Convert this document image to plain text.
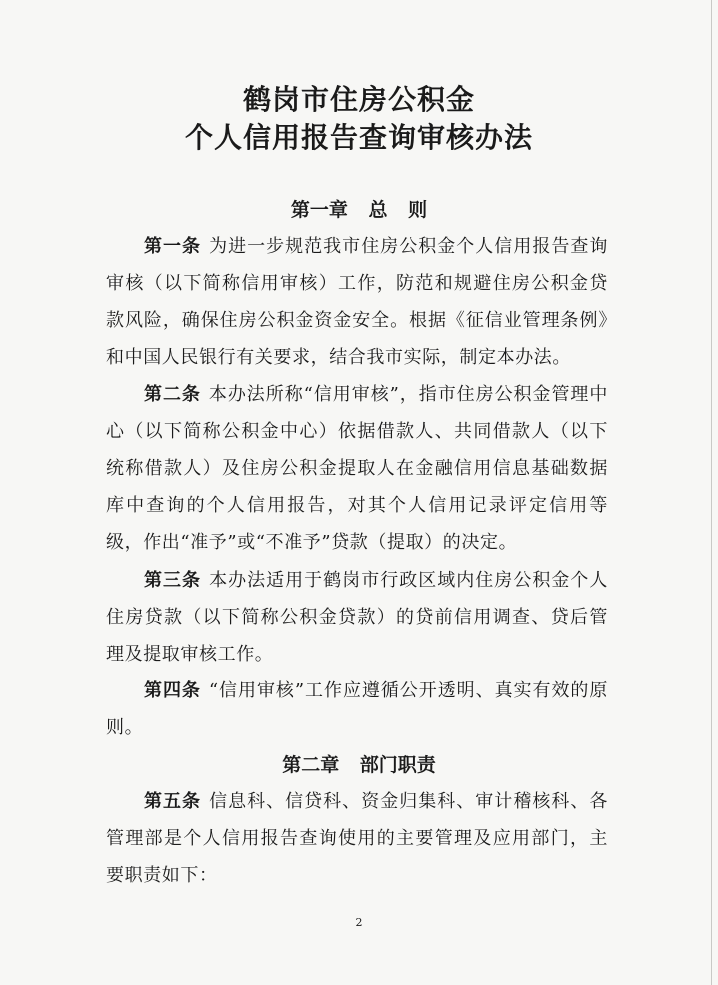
鹤岗市住房公积金
个人信用报告查询审核办法
第一章 总 则

第一条 为进一步规范我市住房公积金个人信用报告查询审核（以下简称信用审核）工作，防范和规避住房公积金贷款风险，确保住房公积金资金安全。根据《征信业管理条例》和中国人民银行有关要求，结合我市实际，制定本办法。

第二条 本办法所称“信用审核”，指市住房公积金管理中心（以下简称公积金中心）依据借款人、共同借款人（以下统称借款人）及住房公积金提取人在金融信用信息基础数据库中查询的个人信用报告，对其个人信用记录评定信用等级，作出“准予”或“不准予”贷款（提取）的决定。

第三条 本办法适用于鹤岗市行政区域内住房公积金个人住房贷款（以下简称公积金贷款）的贷前信用调查、贷后管理及提取审核工作。

第四条 “信用审核”工作应遵循公开透明、真实有效的原则。

第二章 部门职责

第五条 信息科、信贷科、资金归集科、审计稽核科、各管理部是个人信用报告查询使用的主要管理及应用部门，主要职责如下：

2
